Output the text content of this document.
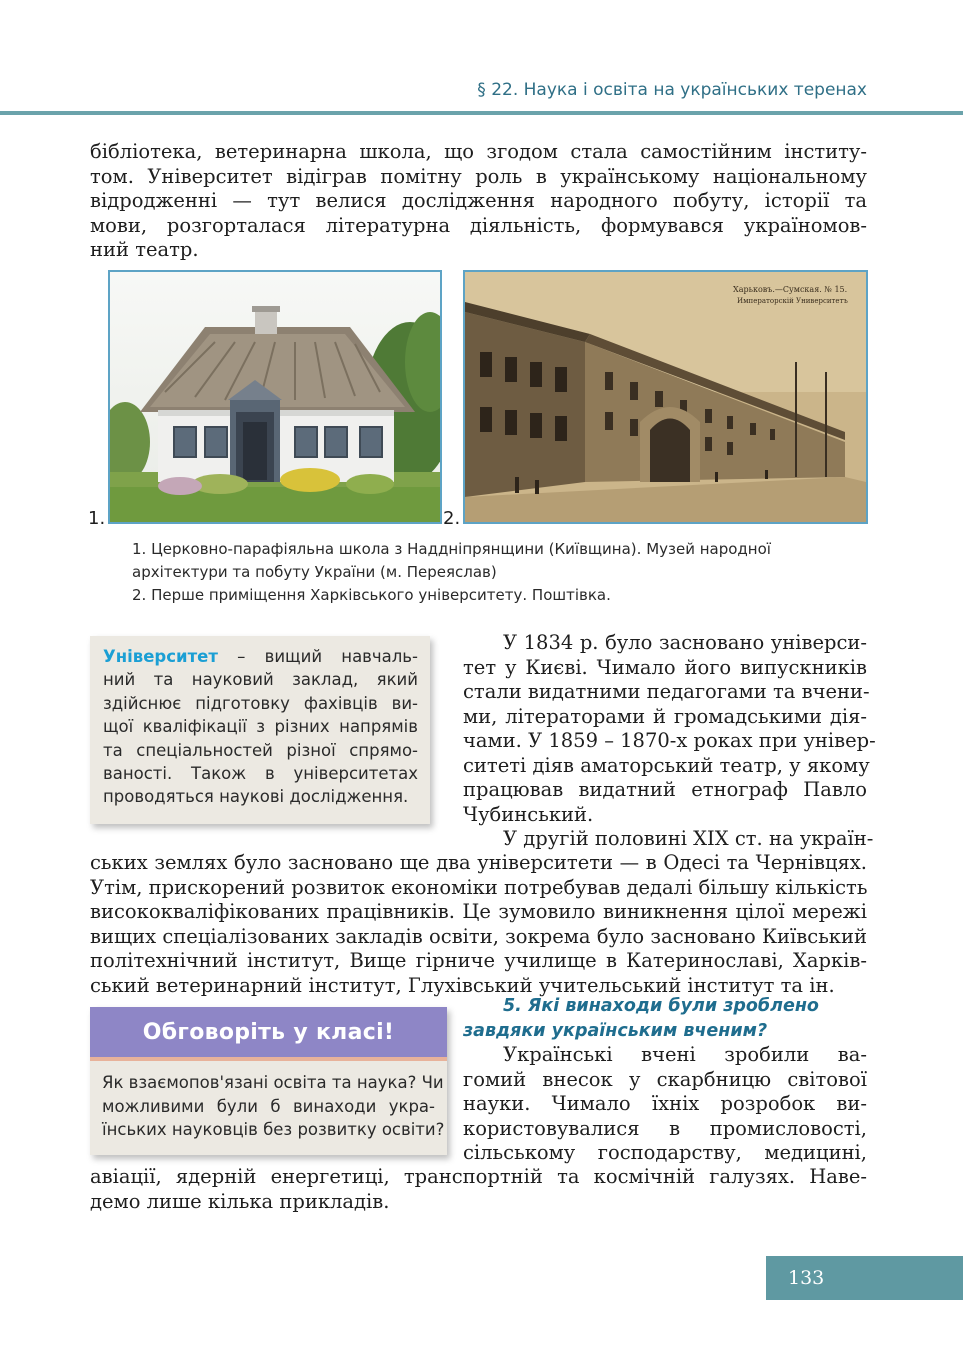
§ 22. Наука і освіта на українських теренах
бібліотека, ветеринарна школа, що згодом стала самостійним інститу-
том. Університет відіграв помітну роль в українському національному
відродженні — тут велися дослідження народного побуту, історії та
мови, розгорталася літературна діяльність, формувався україномов-
ний театр.
1.
Харьковъ.—Сумская. № 15.
Императорскій Университетъ
2.
1. Церковно-парафіяльна школа з Наддніпрянщини (Київщина). Музей народної
архітектури та побуту України (м. Переяслав)
2. Перше приміщення Харківського університету. Поштівка.
Університет – вищий навчаль-
ний та науковий заклад, який
здійснює підготовку фахівців ви-
щої кваліфікації з різних напрямів
та спеціальностей різної спрямо-
ваності. Також в університетах
проводяться наукові дослідження.
У 1834 р. було засновано універси-
тет у Києві. Чимало його випускників
стали видатними педагогами та вчени-
ми, літераторами й громадськими дія-
чами. У 1859 – 1870-х роках при універ-
ситеті діяв аматорський театр, у якому
працював видатний етнограф Павло
Чубинський.
У другій половині XIX ст. на україн-
ських землях було засновано ще два університети — в Одесі та Чернівцях.
Утім, прискорений розвиток економіки потребував дедалі більшу кількість
висококваліфікованих працівників. Це зумовило виникнення цілої мережі
вищих спеціалізованих закладів освіти, зокрема було засновано Київський
політехнічний інститут, Вище гірниче училище в Катеринославі, Харків-
ський ветеринарний інститут, Глухівський учительський інститут та ін.
Обговоріть у класі!
Як взаємопов'язані освіта та наука? Чи
можливими були б винаходи укра-
їнських науковців без розвитку освіти?
5. Які винаходи були зроблено
завдяки українським вченим?
Українські вчені зробили ва-
гомий внесок у скарбницю світової
науки. Чимало їхніх розробок ви-
користовувалися в промисловості,
сільському господарству, медицині,
авіації, ядерній енергетиці, транспортній та космічній галузях. Наве-
демо лише кілька прикладів.
133
